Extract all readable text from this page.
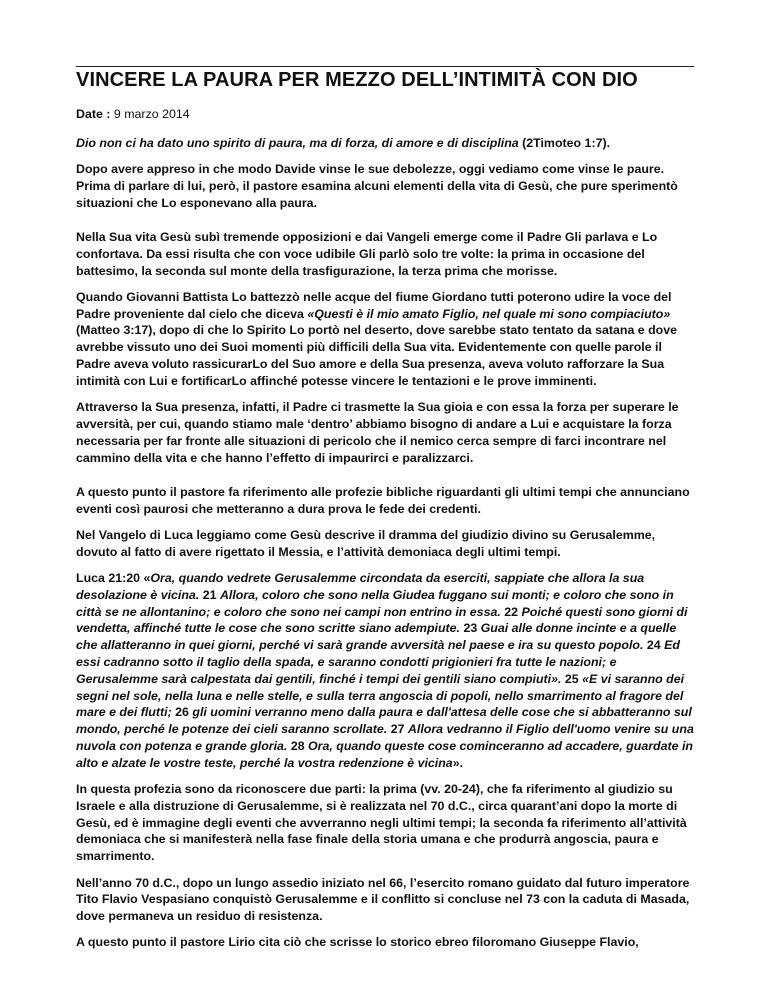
VINCERE LA PAURA PER MEZZO DELL’INTIMITÀ CON DIO

Date : 9 marzo 2014

Dio non ci ha dato uno spirito di paura, ma di forza, di amore e di disciplina (2Timoteo 1:7).

Dopo avere appreso in che modo Davide vinse le sue debolezze, oggi vediamo come vinse le paure. Prima di parlare di lui, però, il pastore esamina alcuni elementi della vita di Gesù, che pure sperimentò situazioni che Lo esponevano alla paura.

Nella Sua vita Gesù subì tremende opposizioni e dai Vangeli emerge come il Padre Gli parlava e Lo confortava. Da essi risulta che con voce udibile Gli parlò solo tre volte: la prima in occasione del battesimo, la seconda sul monte della trasfigurazione, la terza prima che morisse.

Quando Giovanni Battista Lo battezzò nelle acque del fiume Giordano tutti poterono udire la voce del Padre proveniente dal cielo che diceva «Questi è il mio amato Figlio, nel quale mi sono compiaciuto» (Matteo 3:17), dopo di che lo Spirito Lo portò nel deserto, dove sarebbe stato tentato da satana e dove avrebbe vissuto uno dei Suoi momenti più difficili della Sua vita. Evidentemente con quelle parole il Padre aveva voluto rassicurarLo del Suo amore e della Sua presenza, aveva voluto rafforzare la Sua intimità con Lui e fortificarLo affinché potesse vincere le tentazioni e le prove imminenti.

Attraverso la Sua presenza, infatti, il Padre ci trasmette la Sua gioia e con essa la forza per superare le avversità, per cui, quando stiamo male ‘dentro’ abbiamo bisogno di andare a Lui e acquistare la forza necessaria per far fronte alle situazioni di pericolo che il nemico cerca sempre di farci incontrare nel cammino della vita e che hanno l’effetto di impaurirci e paralizzarci.

A questo punto il pastore fa riferimento alle profezie bibliche riguardanti gli ultimi tempi che annunciano eventi così paurosi che metteranno a dura prova le fede dei credenti.

Nel Vangelo di Luca leggiamo come Gesù descrive il dramma del giudizio divino su Gerusalemme, dovuto al fatto di avere rigettato il Messia, e l’attività demoniaca degli ultimi tempi.

Luca 21:20 «Ora, quando vedrete Gerusalemme circondata da eserciti, sappiate che allora la sua desolazione è vicina. 21 Allora, coloro che sono nella Giudea fuggano sui monti; e coloro che sono in città se ne allontanino; e coloro che sono nei campi non entrino in essa. 22 Poiché questi sono giorni di vendetta, affinché tutte le cose che sono scritte siano adempiute. 23 Guai alle donne incinte e a quelle che allatteranno in quei giorni, perché vi sarà grande avversità nel paese e ira su questo popolo. 24 Ed essi cadranno sotto il taglio della spada, e saranno condotti prigionieri fra tutte le nazioni; e Gerusalemme sarà calpestata dai gentili, finché i tempi dei gentili siano compiuti». 25 «E vi saranno dei segni nel sole, nella luna e nelle stelle, e sulla terra angoscia di popoli, nello smarrimento al fragore del mare e dei flutti; 26 gli uomini verranno meno dalla paura e dall'attesa delle cose che si abbatteranno sul mondo, perché le potenze dei cieli saranno scrollate. 27 Allora vedranno il Figlio dell'uomo venire su una nuvola con potenza e grande gloria. 28 Ora, quando queste cose cominceranno ad accadere, guardate in alto e alzate le vostre teste, perché la vostra redenzione è vicina».

In questa profezia sono da riconoscere due parti: la prima (vv. 20-24), che fa riferimento al giudizio su Israele e alla distruzione di Gerusalemme, si è realizzata nel 70 d.C., circa quarant’ani dopo la morte di Gesù, ed è immagine degli eventi che avverranno negli ultimi tempi; la seconda fa riferimento all’attività demoniaca che si manifesterà nella fase finale della storia umana e che produrrà angoscia, paura e smarrimento.

Nell’anno 70 d.C., dopo un lungo assedio iniziato nel 66, l’esercito romano guidato dal futuro imperatore Tito Flavio Vespasiano conquistò Gerusalemme e il conflitto si concluse nel 73 con la caduta di Masada, dove permaneva un residuo di resistenza.

A questo punto il pastore Lirio cita ciò che scrisse lo storico ebreo filoromano Giuseppe Flavio,
